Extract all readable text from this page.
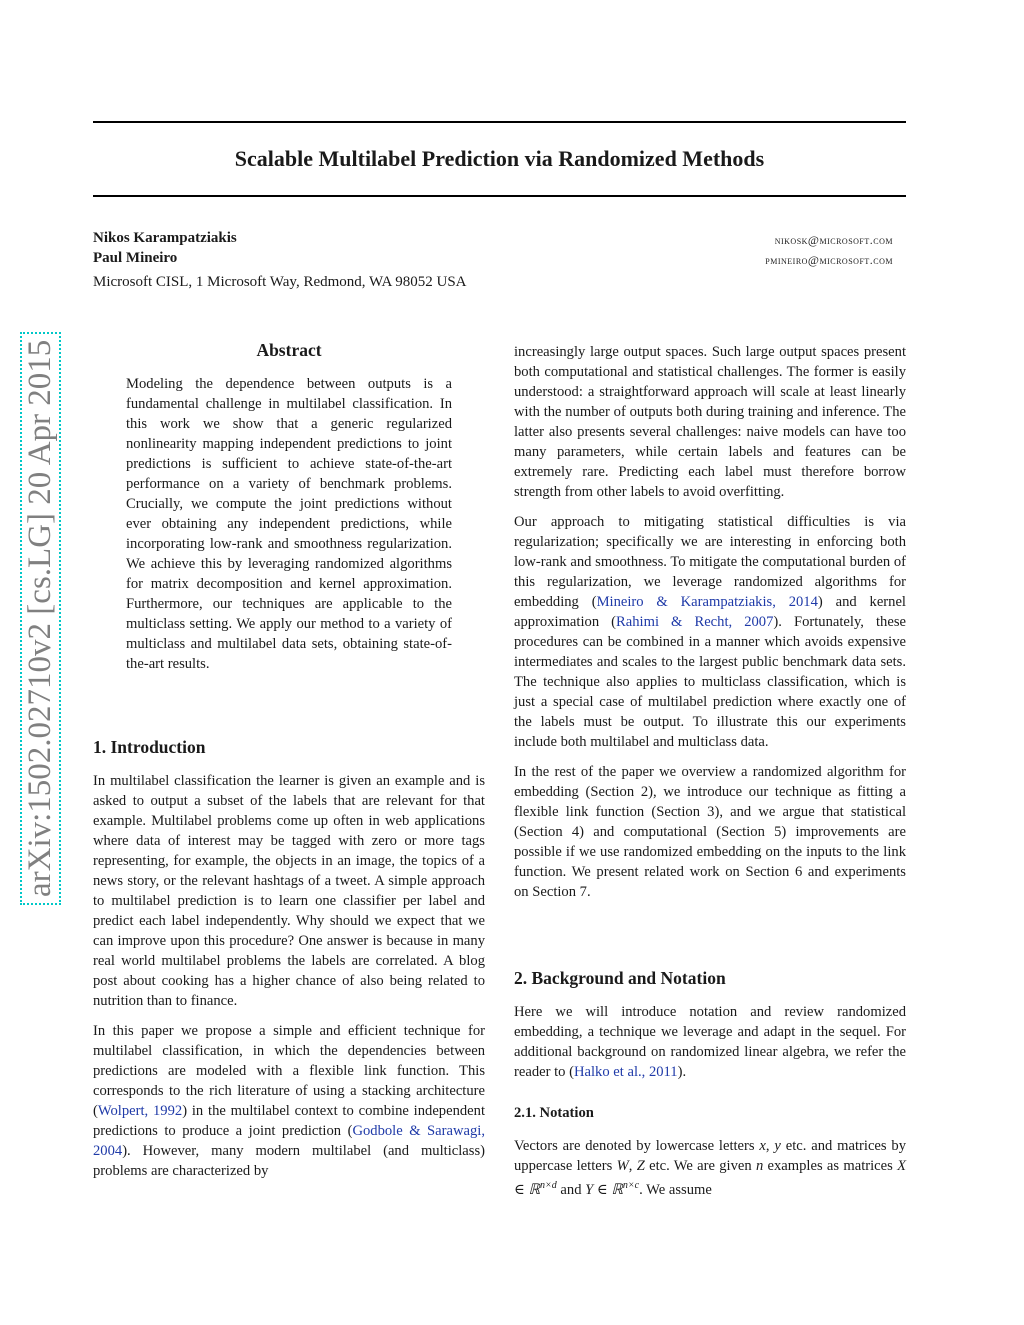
Scalable Multilabel Prediction via Randomized Methods
Nikos Karampatziakis	nikosk@microsoft.com
Paul Mineiro	pmineiro@microsoft.com
Microsoft CISL, 1 Microsoft Way, Redmond, WA 98052 USA
arXiv:1502.02710v2 [cs.LG] 20 Apr 2015	Abstract

Modeling the dependence between outputs is a fundamental challenge in multilabel classification. In this work we show that a generic regularized nonlinearity mapping independent predictions to joint predictions is sufficient to achieve state-of-the-art performance on a variety of benchmark problems. Crucially, we compute the joint predictions without ever obtaining any independent predictions, while incorporating low-rank and smoothness regularization. We achieve this by leveraging randomized algorithms for matrix decomposition and kernel approximation. Furthermore, our techniques are applicable to the multiclass setting. We apply our method to a variety of multiclass and multilabel data sets, obtaining state-of-the-art results.

1. Introduction

In multilabel classification the learner is given an example and is asked to output a subset of the labels that are relevant for that example. Multilabel problems come up often in web applications where data of interest may be tagged with zero or more tags representing, for example, the objects in an image, the topics of a news story, or the relevant hashtags of a tweet. A simple approach to multilabel prediction is to learn one classifier per label and predict each label independently. Why should we expect that we can improve upon this procedure? One answer is because in many real world multilabel problems the labels are correlated. A blog post about cooking has a higher chance of also being related to nutrition than to finance.

In this paper we propose a simple and efficient technique for multilabel classification, in which the dependencies between predictions are modeled with a flexible link function. This corresponds to the rich literature of using a stacking architecture (Wolpert, 1992) in the multilabel context to combine independent predictions to produce a joint prediction (Godbole & Sarawagi, 2004). However, many modern multilabel (and multiclass) problems are characterized by

increasingly large output spaces. Such large output spaces present both computational and statistical challenges. The former is easily understood: a straightforward approach will scale at least linearly with the number of outputs both during training and inference. The latter also presents several challenges: naive models can have too many parameters, while certain labels and features can be extremely rare. Predicting each label must therefore borrow strength from other labels to avoid overfitting.

Our approach to mitigating statistical difficulties is via regularization; specifically we are interesting in enforcing both low-rank and smoothness. To mitigate the computational burden of this regularization, we leverage randomized algorithms for embedding (Mineiro & Karampatziakis, 2014) and kernel approximation (Rahimi & Recht, 2007). Fortunately, these procedures can be combined in a manner which avoids expensive intermediates and scales to the largest public benchmark data sets. The technique also applies to multiclass classification, which is just a special case of multilabel prediction where exactly one of the labels must be output. To illustrate this our experiments include both multilabel and multiclass data.

In the rest of the paper we overview a randomized algorithm for embedding (Section 2), we introduce our technique as fitting a flexible link function (Section 3), and we argue that statistical (Section 4) and computational (Section 5) improvements are possible if we use randomized embedding on the inputs to the link function. We present related work on Section 6 and experiments on Section 7.

2. Background and Notation

Here we will introduce notation and review randomized embedding, a technique we leverage and adapt in the sequel. For additional background on randomized linear algebra, we refer the reader to (Halko et al., 2011).

2.1. Notation

Vectors are denoted by lowercase letters x, y etc. and matrices by uppercase letters W, Z etc. We are given n examples as matrices X ∈ ℝ$^{n\times d}$ and Y ∈ ℝ$^{n\times c}$. We assume
